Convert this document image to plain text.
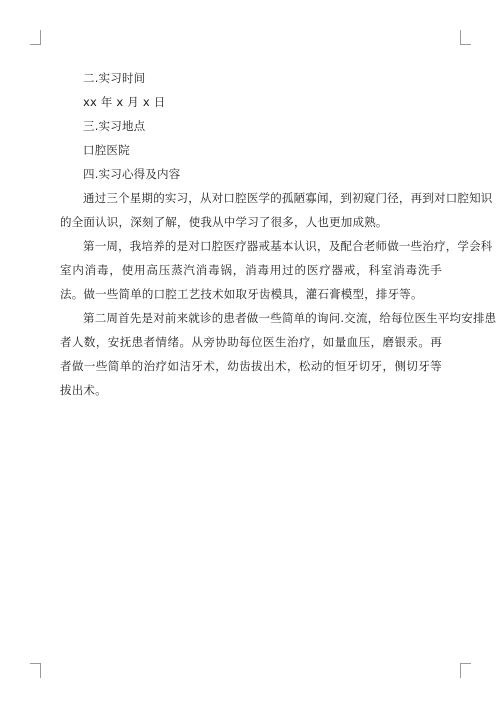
二.实习时间

xx 年 x 月 x 日

三.实习地点

口腔医院

四.实习心得及内容

通过三个星期的实习，从对口腔医学的孤陋寡闻，到初窥门径，再到对口腔知识
的全面认识，深刻了解，使我从中学习了很多，人也更加成熟。
第一周，我培养的是对口腔医疗器戒基本认识，及配合老师做一些治疗，学会科
室内消毒，使用高压蒸汽消毒锅，消毒用过的医疗器戒，科室消毒洗手法。做一些简单的口腔工艺技术如取牙齿模具，灌石膏模型，排牙等。
第二周首先是对前来就诊的患者做一些简单的询问.交流，给每位医生平均安排患
者人数，安抚患者情绪。从旁协助每位医生治疗，如量血压，磨银汞。再者做一些简单的治疗如洁牙术，幼齿拔出术，松动的恒牙切牙，侧切牙等拔出术。
